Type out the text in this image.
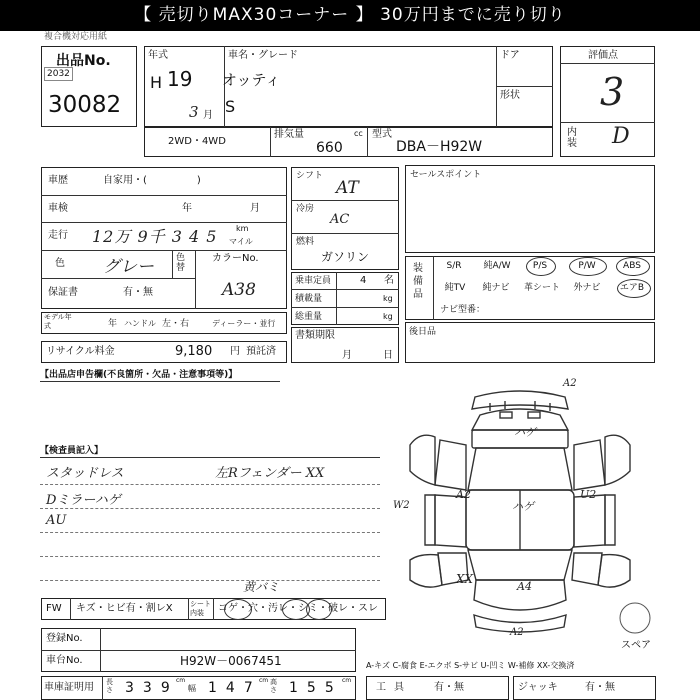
【 売切りMAX30コーナー 】 30万円までに売り切り
複合機対応用紙
出品No.
2032
30082
年式
H 19
3 月
車名・グレード
オッティ
S
ドア
形状
評価点
3
内装 D
2WD・4WD
排気量	cc
660
型式
DBA－H92W
車歴	自家用・(　　　　　)
車検	年	月
走行 12万 9千 3 4 5 km
マイル
色 グレー 色替
カラーNo.
A38
保証書	有・無
モデル年式	年 ハンドル 左・右	ディーラー・並行
リサイクル料金	9,180 円 預託済
シフト
AT
冷房
AC
燃料
ガソリン
乗車定員	4 名
積載量	kg
総重量	kg
書類期限
月	日
セールスポイント
装備品
S/R	純A/W	P/S	P/W	ABS
純TV	純ナビ	革シート	外ナビ	エアB
ナビ型番：
後日品
【出品店申告欄(不良箇所・欠品・注意事項等)】
【検査員記入】
スタッドレス
Dミラーハゲ
AU
左Rフェンダー XX
FW キズ・ヒビ有・割レX シート内装	コゲ・穴・汚レ・シミ・破レ・スレ
黄バミ
登録No.
車台No.	H92W－0067451
車庫証明用 長さ 339
cm
幅 147
cm 高さ 155 cm
工具 有・無	ジャッキ	有・無
A-キズ C-腐食 E-エクボ S-サビ U-凹ミ W-補修 XX-交換済
スペア
A2
ハゲ
A2
ハゲ
U2
A4
XX
A2
W2
